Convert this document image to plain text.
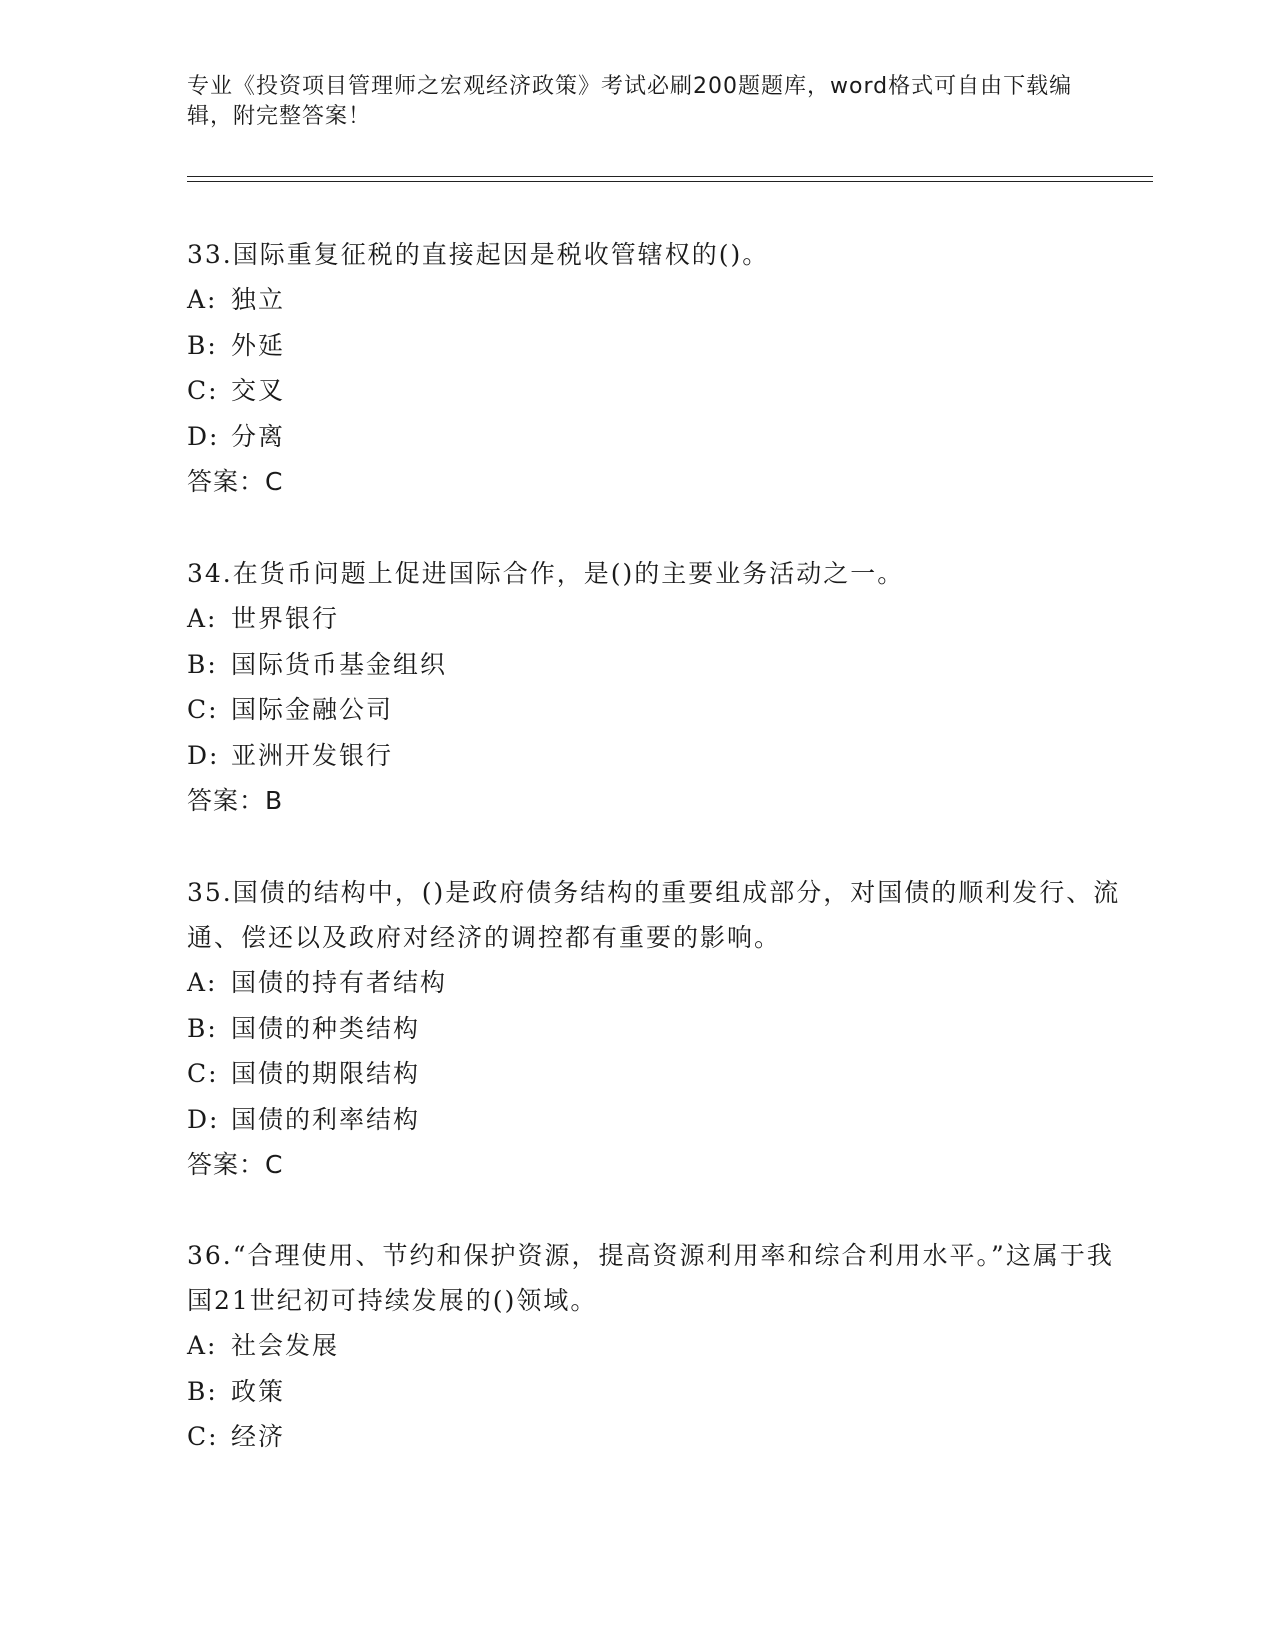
专业《投资项目管理师之宏观经济政策》考试必刷200题题库，word格式可自由下载编辑，附完整答案！

33.国际重复征税的直接起因是税收管辖权的()。

A: 独立

B: 外延

C: 交叉

D: 分离

答案：C

34.在货币问题上促进国际合作，是()的主要业务活动之一。

A: 世界银行

B: 国际货币基金组织

C: 国际金融公司

D: 亚洲开发银行

答案：B

35.国债的结构中，()是政府债务结构的重要组成部分，对国债的顺利发行、流通、偿还以及政府对经济的调控都有重要的影响。

A: 国债的持有者结构

B: 国债的种类结构

C: 国债的期限结构

D: 国债的利率结构

答案：C

36.“合理使用、节约和保护资源，提高资源利用率和综合利用水平。”这属于我国21世纪初可持续发展的()领域。

A: 社会发展

B: 政策

C: 经济
